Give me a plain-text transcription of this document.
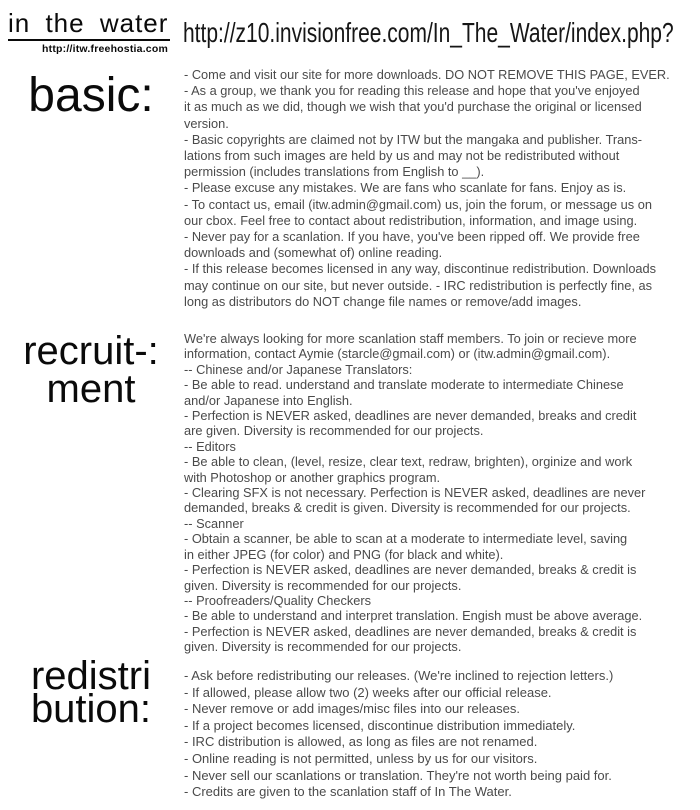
in the water
http://itw.freehostia.com
http://z10.invisionfree.com/In_The_Water/index.php?
basic:	- Come and visit our site for more downloads. DO NOT REMOVE THIS PAGE, EVER.
- As a group, we thank you for reading this release and hope that you've enjoyed
it as much as we did, though we wish that you'd purchase the original or licensed
version.
- Basic copyrights are claimed not by ITW but the mangaka and publisher. Trans-
lations from such images are held by us and may not be redistributed without
permission (includes translations from English to __).
- Please excuse any mistakes. We are fans who scanlate for fans. Enjoy as is.
- To contact us, email (itw.admin@gmail.com) us, join the forum, or message us on
our cbox. Feel free to contact about redistribution, information, and image using.
- Never pay for a scanlation. If you have, you've been ripped off. We provide free
downloads and (somewhat of) online reading.
- If this release becomes licensed in any way, discontinue redistribution. Downloads
may continue on our site, but never outside. - IRC redistribution is perfectly fine, as
long as distributors do NOT change file names or remove/add images.
recruit-:
ment
We're always looking for more scanlation staff members. To join or recieve more
information, contact Aymie (starcle@gmail.com) or (itw.admin@gmail.com).
-- Chinese and/or Japanese Translators:
- Be able to read. understand and translate moderate to intermediate Chinese
and/or Japanese into English.
- Perfection is NEVER asked, deadlines are never demanded, breaks and credit
are given. Diversity is recommended for our projects.
-- Editors
- Be able to clean, (level, resize, clear text, redraw, brighten), orginize and work
with Photoshop or another graphics program.
- Clearing SFX is not necessary. Perfection is NEVER asked, deadlines are never
demanded, breaks & credit is given. Diversity is recommended for our projects.
-- Scanner
- Obtain a scanner, be able to scan at a moderate to intermediate level, saving
in either JPEG (for color) and PNG (for black and white).
- Perfection is NEVER asked, deadlines are never demanded, breaks & credit is
given. Diversity is recommended for our projects.
-- Proofreaders/Quality Checkers
- Be able to understand and interpret translation. Engish must be above average.
- Perfection is NEVER asked, deadlines are never demanded, breaks & credit is
given. Diversity is recommended for our projects.
redistri
bution:
- Ask before redistributing our releases. (We're inclined to rejection letters.)
- If allowed, please allow two (2) weeks after our official release.
- Never remove or add images/misc files into our releases.
- If a project becomes licensed, discontinue distribution immediately.
- IRC distribution is allowed, as long as files are not renamed.
- Online reading is not permitted, unless by us for our visitors.
- Never sell our scanlations or translation. They're not worth being paid for.
- Credits are given to the scanlation staff of In The Water.
